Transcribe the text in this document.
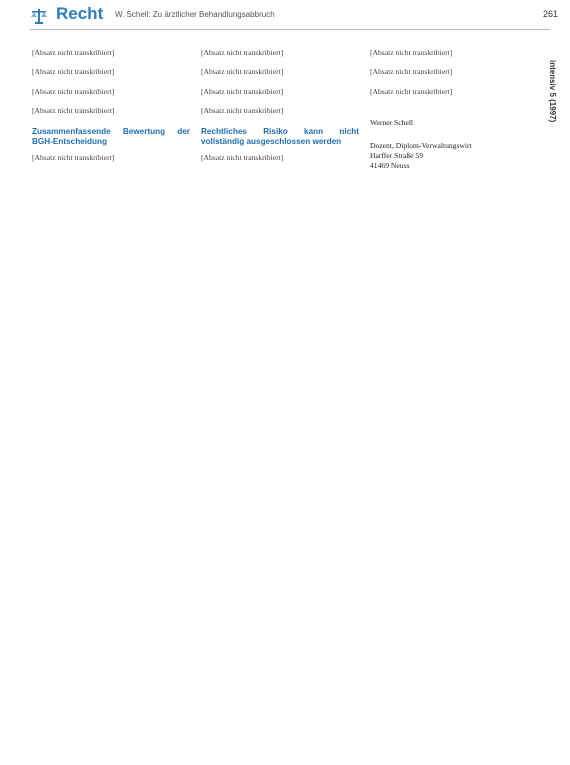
Recht W. Schell: Zu ärztlicher Behandlungsabbruch	261
intensiv 5 (1997)

[Absatz nicht transkribiert]

[Absatz nicht transkribiert]

[Absatz nicht transkribiert]

[Absatz nicht transkribiert]

Zusammenfassende Bewertung der BGH-Entscheidung

[Absatz nicht transkribiert]

[Absatz nicht transkribiert]

[Absatz nicht transkribiert]

[Absatz nicht transkribiert]

[Absatz nicht transkribiert]

Rechtliches Risiko kann nicht vollständig ausgeschlossen werden

[Absatz nicht transkribiert]

[Absatz nicht transkribiert]

[Absatz nicht transkribiert]

[Absatz nicht transkribiert]

Werner Schell

Dozent, Diplom-Verwaltungswirt

Harffer Straße 59

41469 Neuss
